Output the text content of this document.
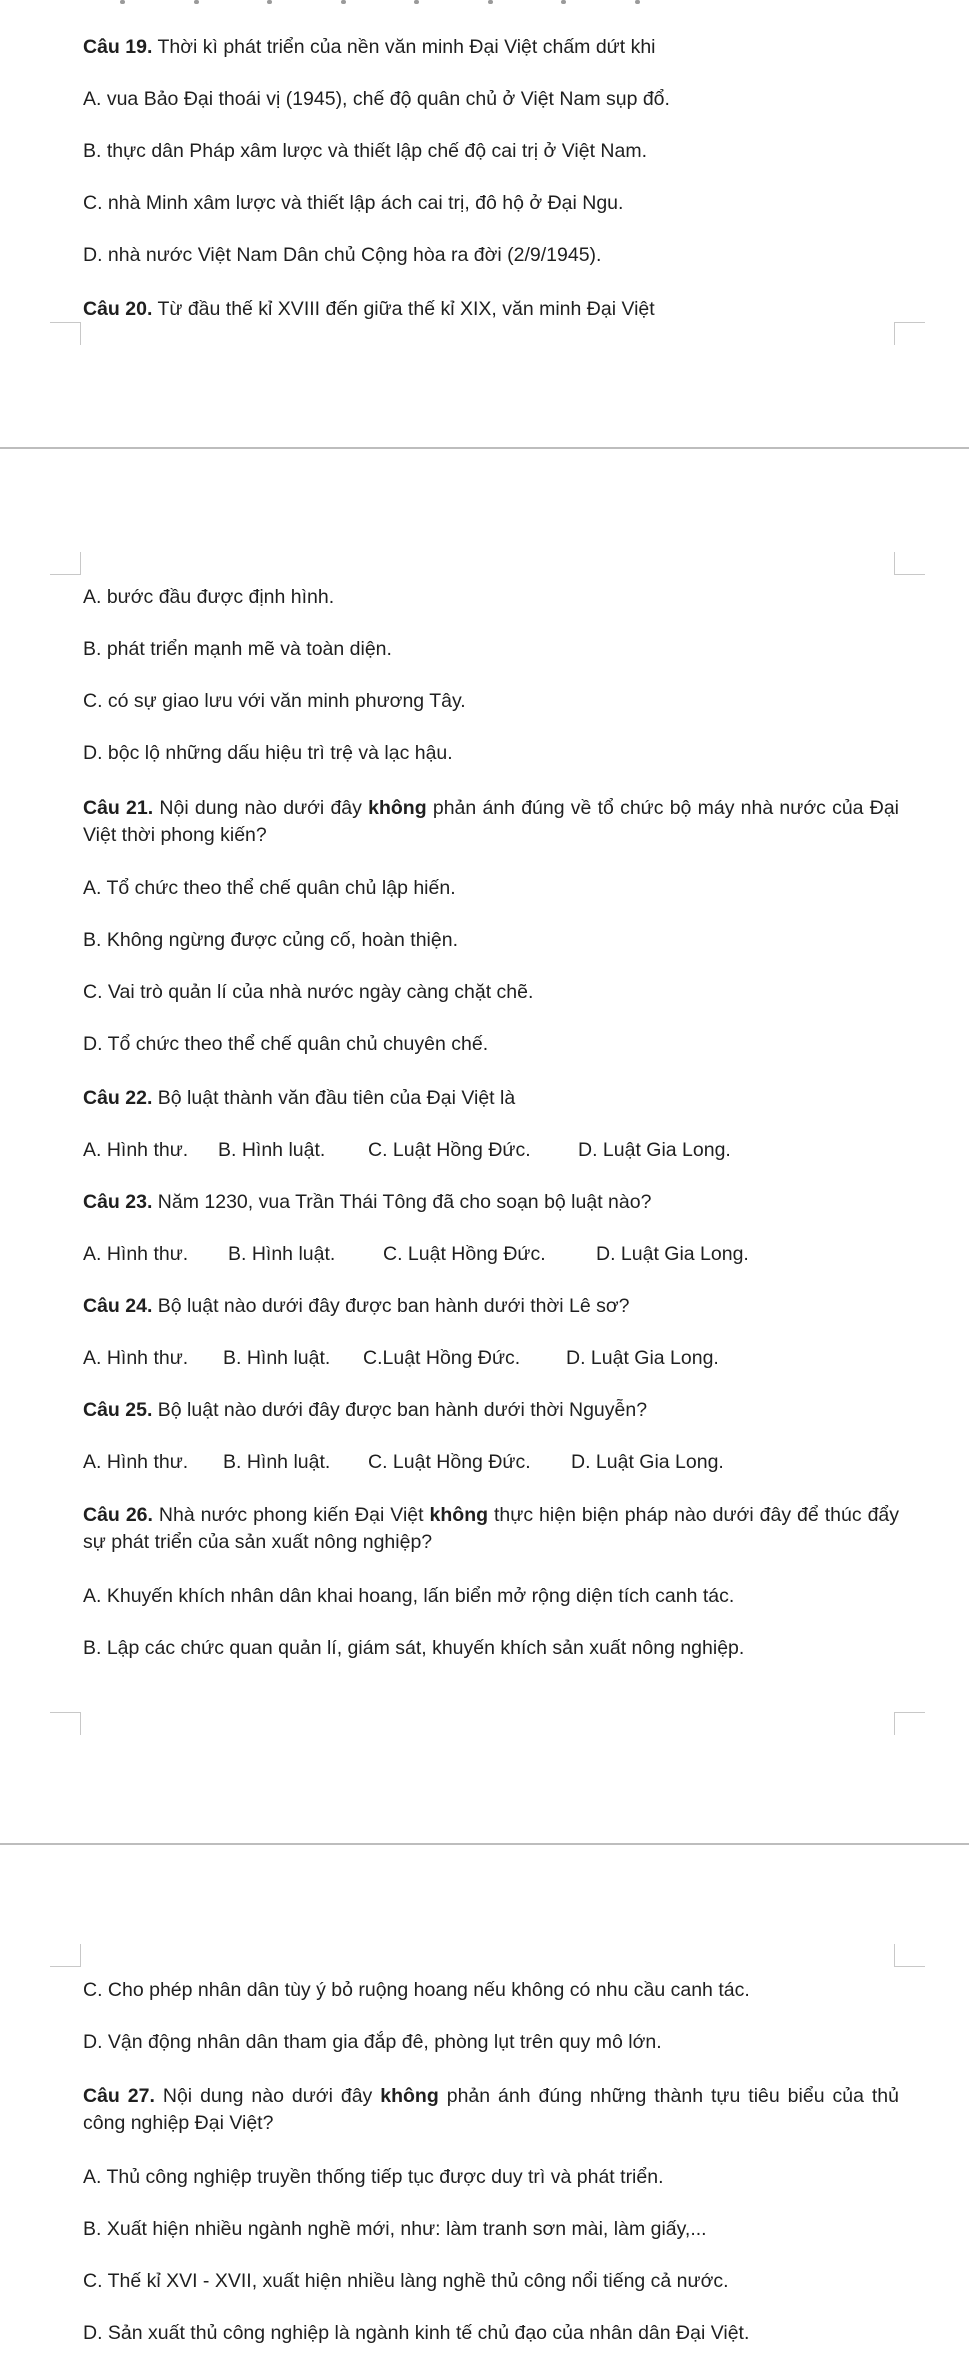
Câu 19. Thời kì phát triển của nền văn minh Đại Việt chấm dứt khi
A. vua Bảo Đại thoái vị (1945), chế độ quân chủ ở Việt Nam sụp đổ.
B. thực dân Pháp xâm lược và thiết lập chế độ cai trị ở Việt Nam.
C. nhà Minh xâm lược và thiết lập ách cai trị, đô hộ ở Đại Ngu.
D. nhà nước Việt Nam Dân chủ Cộng hòa ra đời (2/9/1945).
Câu 20. Từ đầu thế kỉ XVIII đến giữa thế kỉ XIX, văn minh Đại Việt
A. bước đầu được định hình.
B. phát triển mạnh mẽ và toàn diện.
C. có sự giao lưu với văn minh phương Tây.
D. bộc lộ những dấu hiệu trì trệ và lạc hậu.
Câu 21. Nội dung nào dưới đây không phản ánh đúng về tổ chức bộ máy nhà nước của Đại Việt thời phong kiến?
A. Tổ chức theo thể chế quân chủ lập hiến.
B. Không ngừng được củng cố, hoàn thiện.
C. Vai trò quản lí của nhà nước ngày càng chặt chẽ.
D. Tổ chức theo thể chế quân chủ chuyên chế.
Câu 22. Bộ luật thành văn đầu tiên của Đại Việt là
A. Hình thư. B. Hình luật. C. Luật Hồng Đức. D. Luật Gia Long.
Câu 23. Năm 1230, vua Trần Thái Tông đã cho soạn bộ luật nào?
A. Hình thư. B. Hình luật. C. Luật Hồng Đức.	D. Luật Gia Long.
Câu 24. Bộ luật nào dưới đây được ban hành dưới thời Lê sơ?
A. Hình thư. B. Hình luật. C.Luật Hồng Đức. D. Luật Gia Long.
Câu 25. Bộ luật nào dưới đây được ban hành dưới thời Nguyễn?
A. Hình thư. B. Hình luật. C. Luật Hồng Đức. D. Luật Gia Long.
Câu 26. Nhà nước phong kiến Đại Việt không thực hiện biện pháp nào dưới đây để thúc đẩy sự phát triển của sản xuất nông nghiệp?
A. Khuyến khích nhân dân khai hoang, lấn biển mở rộng diện tích canh tác.
B. Lập các chức quan quản lí, giám sát, khuyến khích sản xuất nông nghiệp.
C. Cho phép nhân dân tùy ý bỏ ruộng hoang nếu không có nhu cầu canh tác.
D. Vận động nhân dân tham gia đắp đê, phòng lụt trên quy mô lớn.
Câu 27. Nội dung nào dưới đây không phản ánh đúng những thành tựu tiêu biểu của thủ công nghiệp Đại Việt?
A. Thủ công nghiệp truyền thống tiếp tục được duy trì và phát triển.
B. Xuất hiện nhiều ngành nghề mới, như: làm tranh sơn mài, làm giấy,...
C. Thế kỉ XVI - XVII, xuất hiện nhiều làng nghề thủ công nổi tiếng cả nước.
D. Sản xuất thủ công nghiệp là ngành kinh tế chủ đạo của nhân dân Đại Việt.
